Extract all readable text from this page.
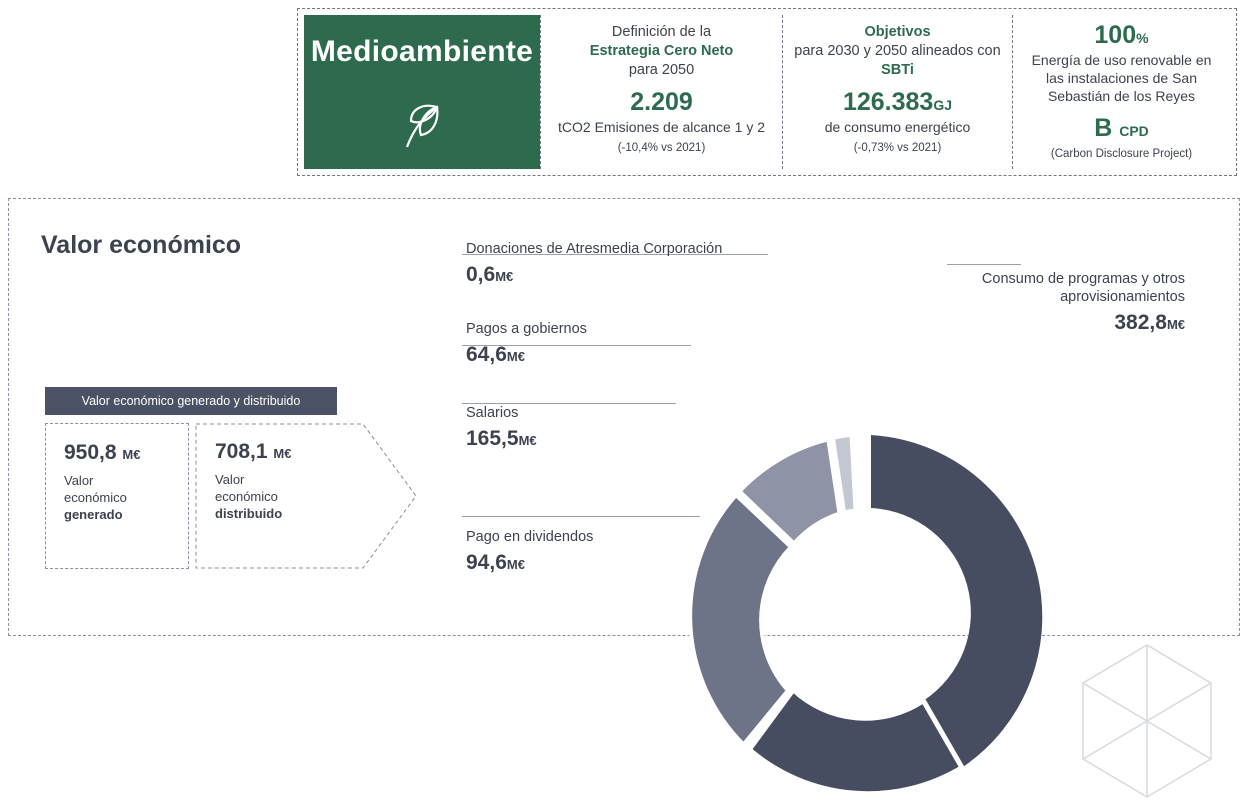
Medioambiente
Definición de la
Estrategia Cero Neto
para 2050
2.209
tCO2 Emisiones de alcance 1 y 2
(-10,4% vs 2021)
Objetivos
para 2030 y 2050 alineados con
SBTi
126.383GJ
de consumo energético
(-0,73% vs 2021)
100%
Energía de uso renovable en las instalaciones de San Sebastián de los Reyes
B CPD
(Carbon Disclosure Project)
Valor económico
Valor económico generado y distribuido
950,8 M€
Valor
económico
generado
708,1 M€
Valor
económico
distribuido
Donaciones de Atresmedia Corporación
0,6M€
Pagos a gobiernos
64,6M€
Salarios
165,5M€
Pago en dividendos
94,6M€
Consumo de programas y otros aprovisionamientos
382,8M€
